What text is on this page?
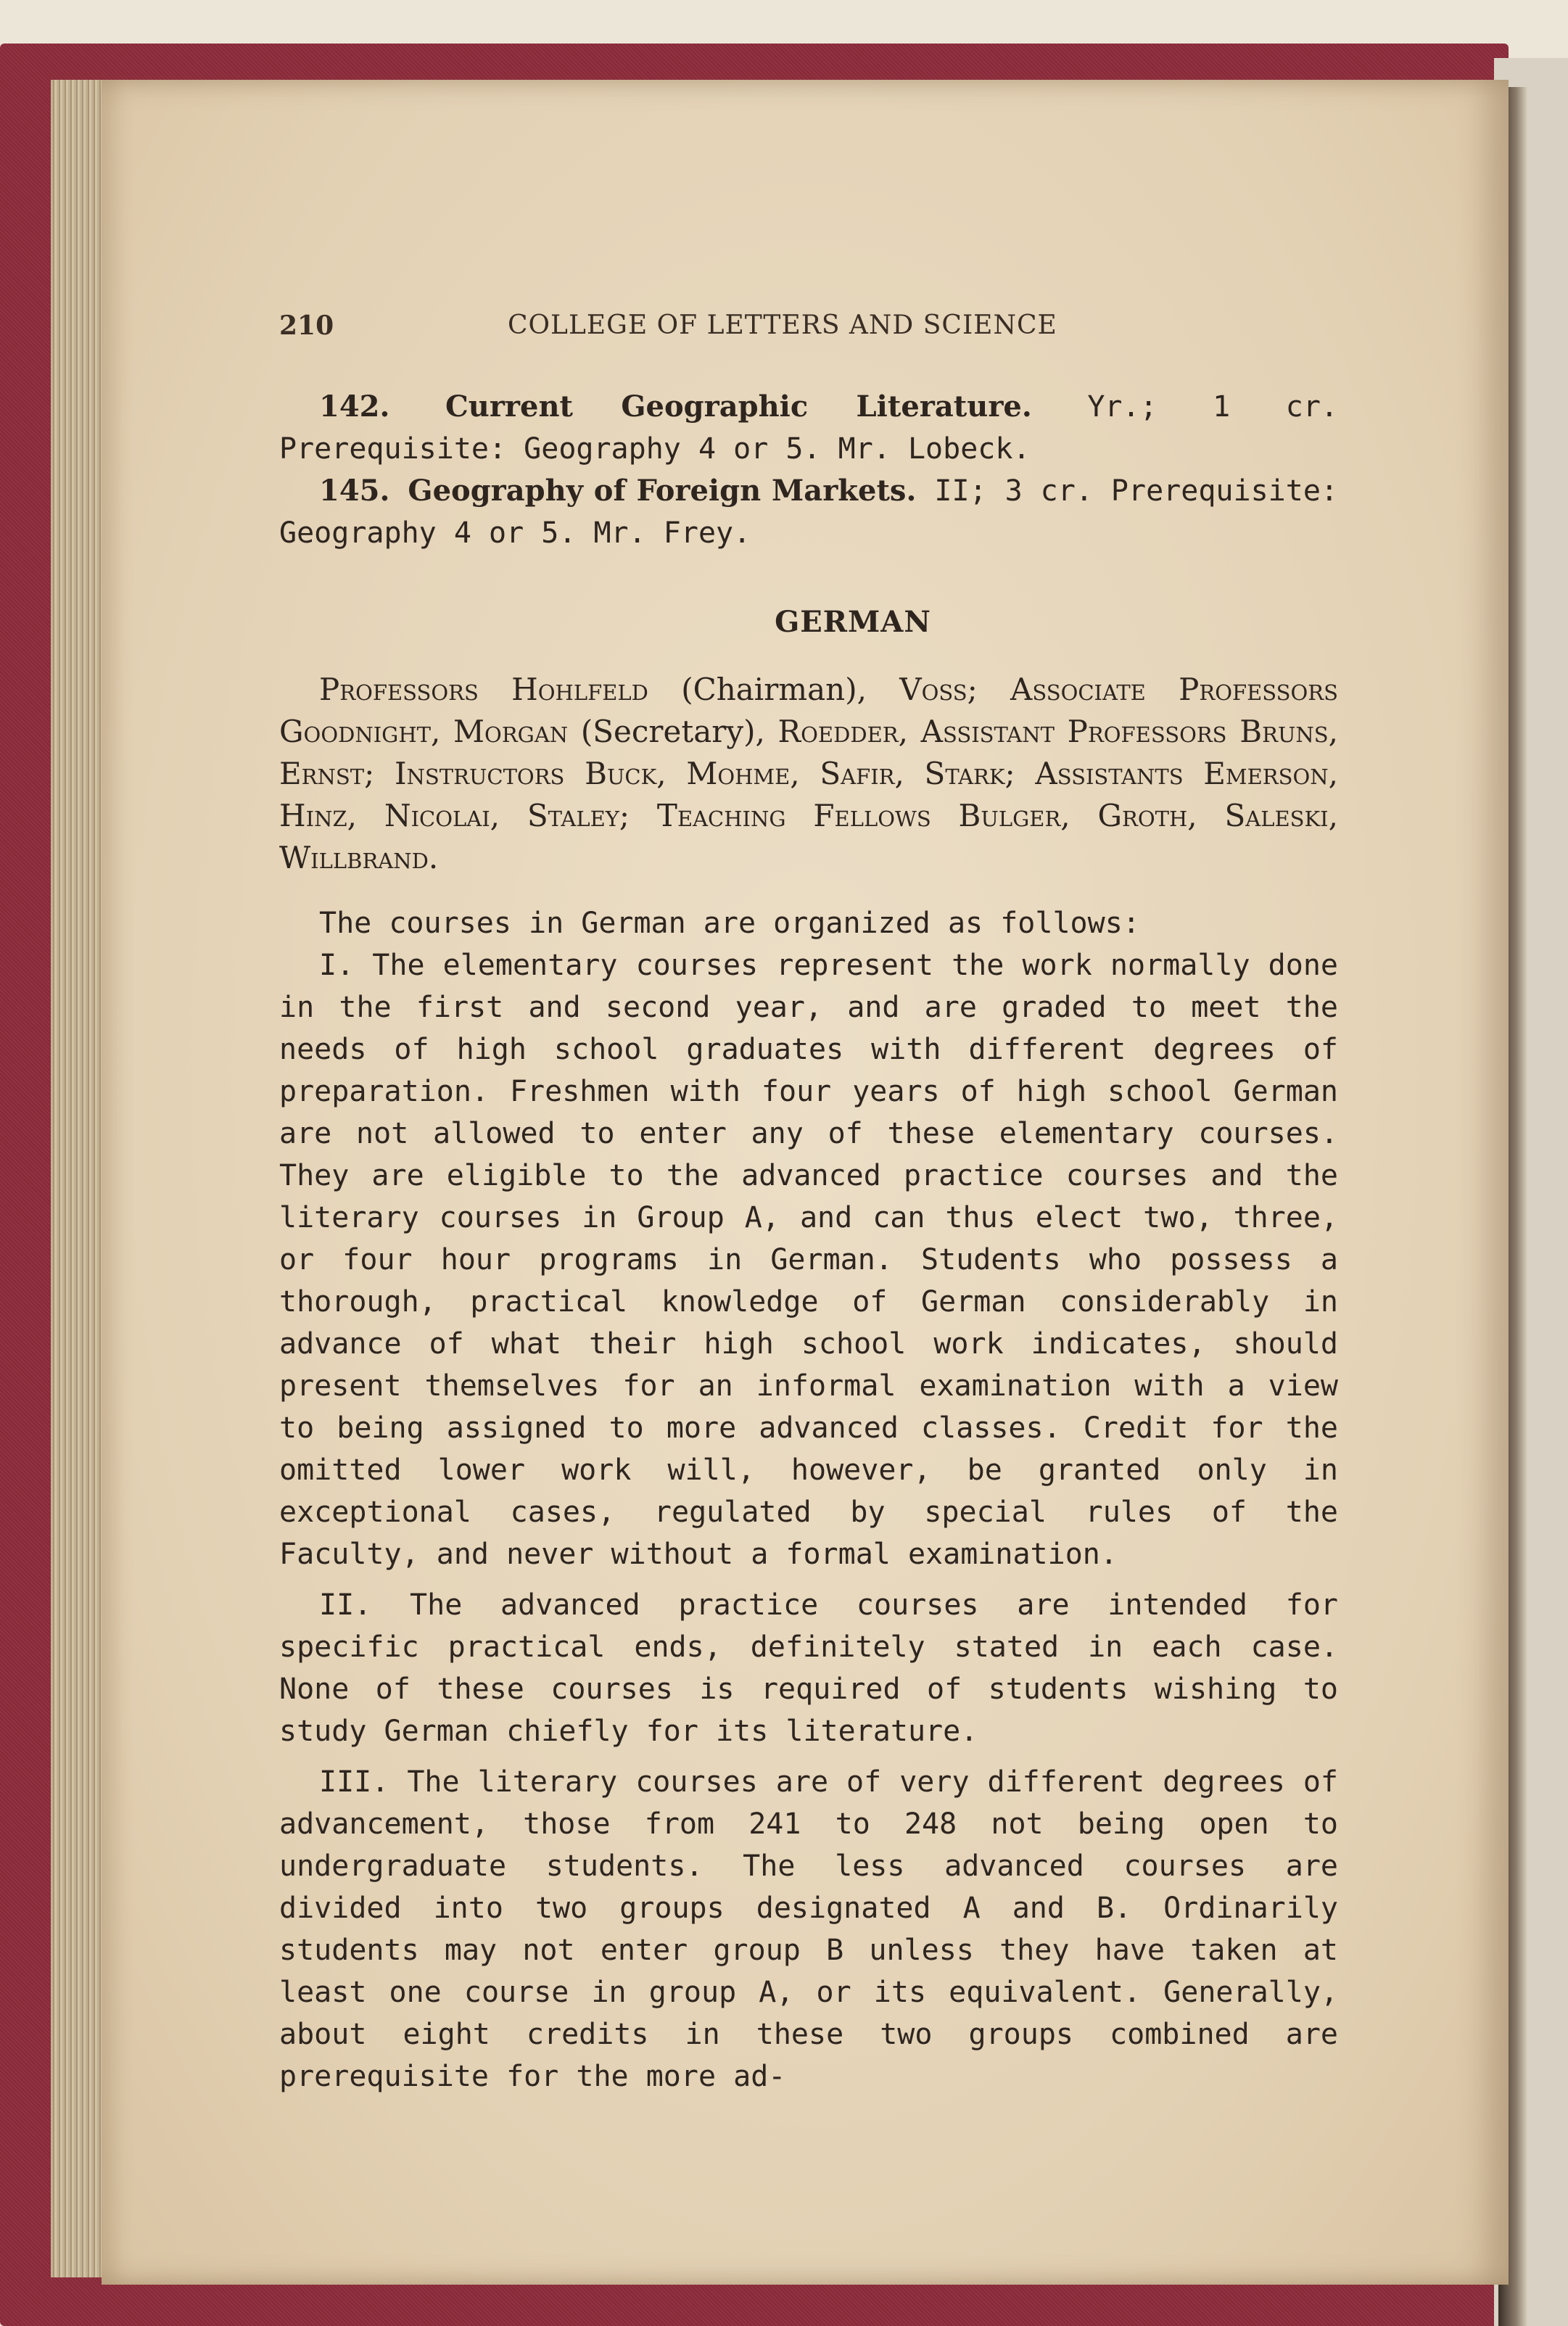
210	COLLEGE OF LETTERS AND SCIENCE

142. Current Geographic Literature. Yr.; 1 cr. Prerequisite: Geography 4 or 5. Mr. Lobeck.

145. Geography of Foreign Markets. II; 3 cr. Prerequisite: Geography 4 or 5. Mr. Frey.

GERMAN
Professors Hohlfeld (Chairman), Voss; Associate Professors Goodnight, Morgan (Secretary), Roedder, Assistant Professors Bruns, Ernst; Instructors Buck, Mohme, Safir, Stark; Assistants Emerson, Hinz, Nicolai, Staley; Teaching Fellows Bulger, Groth, Saleski, Willbrand.

The courses in German are organized as follows:

I. The elementary courses represent the work normally done in the first and second year, and are graded to meet the needs of high school graduates with different degrees of preparation. Freshmen with four years of high school German are not allowed to enter any of these elementary courses. They are eligible to the advanced practice courses and the literary courses in Group A, and can thus elect two, three, or four hour programs in German. Students who possess a thorough, practical knowledge of German considerably in advance of what their high school work indicates, should present themselves for an informal examination with a view to being assigned to more advanced classes. Credit for the omitted lower work will, however, be granted only in exceptional cases, regulated by special rules of the Faculty, and never without a formal examination.

II. The advanced practice courses are intended for specific practical ends, definitely stated in each case. None of these courses is required of students wishing to study German chiefly for its literature.

III. The literary courses are of very different degrees of advancement, those from 241 to 248 not being open to undergraduate students. The less advanced courses are divided into two groups designated A and B. Ordinarily students may not enter group B unless they have taken at least one course in group A, or its equivalent. Generally, about eight credits in these two groups combined are prerequisite for the more ad-
